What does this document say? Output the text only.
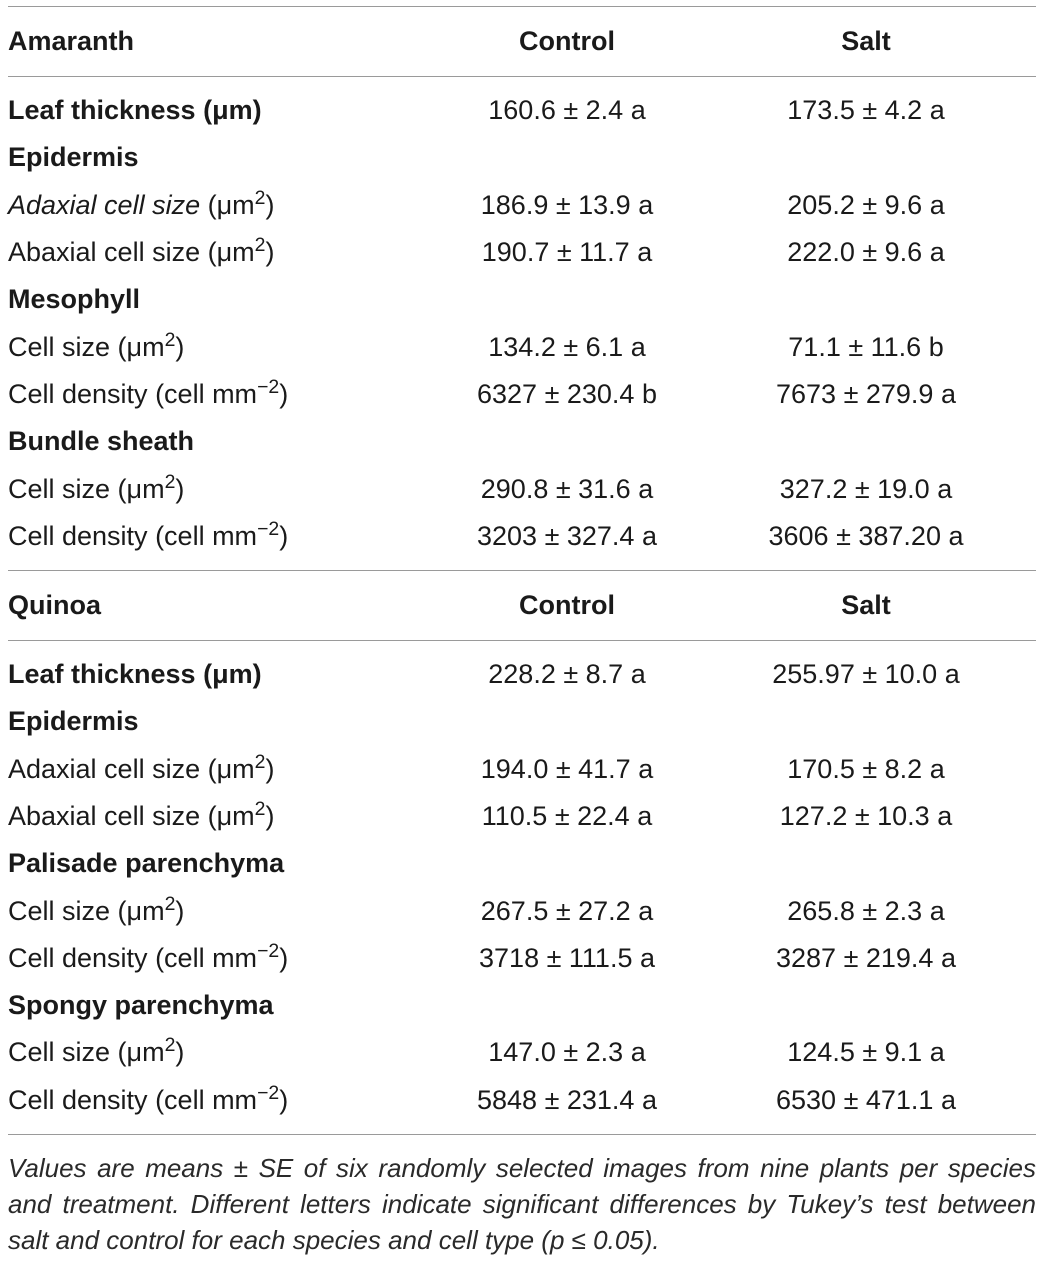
Amaranth	Control	Salt
Leaf thickness (μm)	160.6 ± 2.4 a	173.5 ± 4.2 a
Epidermis
Adaxial cell size $(\mu m^2)$	186.9 ± 13.9 a	205.2 ± 9.6 a
Abaxial cell size $(\mu m^2)$	190.7 ± 11.7 a	222.0 ± 9.6 a
Mesophyll
Cell size $(\mu m^2)$	134.2 ± 6.1 a	71.1 ± 11.6 b
Cell density (cell $mm^{-2}$)	6327 ± 230.4 b	7673 ± 279.9 a
Bundle sheath
Cell size $(\mu m^2)$	290.8 ± 31.6 a	327.2 ± 19.0 a
Cell density (cell $mm^{-2}$)	3203 ± 327.4 a	3606 ± 387.20 a
Quinoa	Control	Salt
Leaf thickness (μm)	228.2 ± 8.7 a	255.97 ± 10.0 a
Epidermis
Adaxial cell size $(\mu m^2)$	194.0 ± 41.7 a	170.5 ± 8.2 a
Abaxial cell size $(\mu m^2)$	110.5 ± 22.4 a	127.2 ± 10.3 a
Palisade parenchyma
Cell size $(\mu m^2)$	267.5 ± 27.2 a	265.8 ± 2.3 a
Cell density (cell $mm^{-2}$)	3718 ± 111.5 a	3287 ± 219.4 a
Spongy parenchyma
Cell size $(\mu m^2)$	147.0 ± 2.3 a	124.5 ± 9.1 a
Cell density (cell $mm^{-2}$)	5848 ± 231.4 a	6530 ± 471.1 a
Values are means ± SE of six randomly selected images from nine plants per species and treatment. Different letters indicate significant differences by Tukey’s test between salt and control for each species and cell type (p ≤ 0.05).
